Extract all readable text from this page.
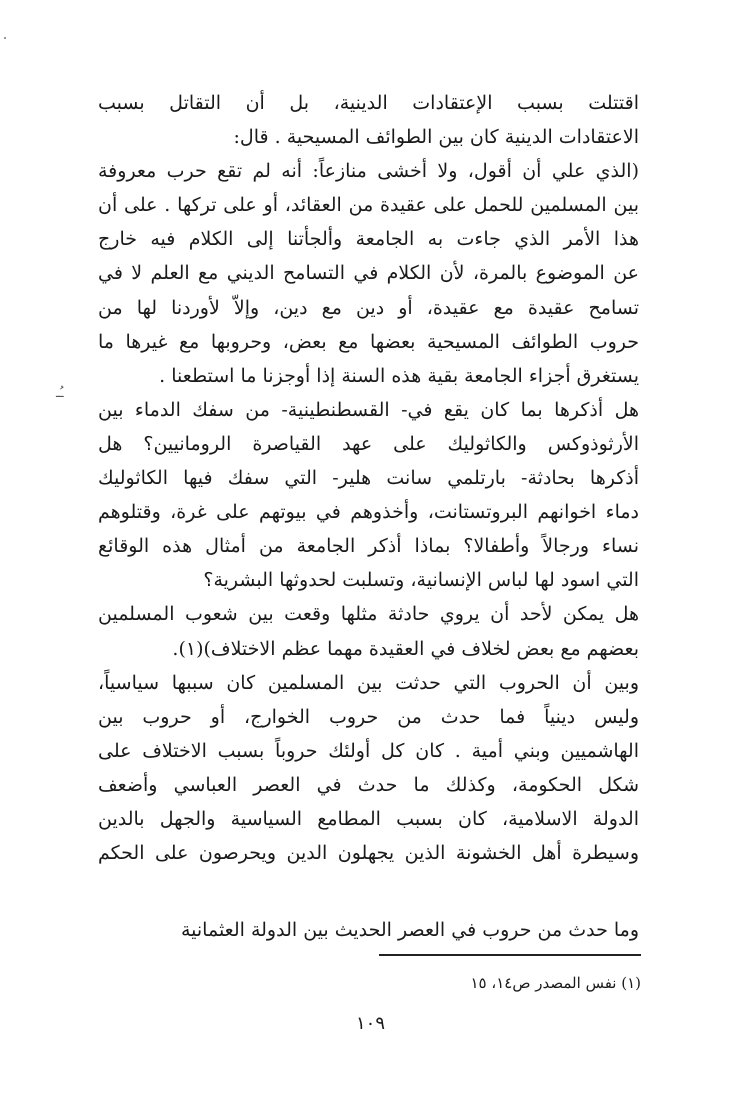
ـُـ
اقتتلت بسبب الإعتقادات الدينية، بل أن التقاتل بسبب
الاعتقادات الدينية كان بين الطوائف المسيحية . قال:
(الذي علي أن أقول، ولا أخشى منازعاً: أنه لم تقع حرب معروفة
بين المسلمين للحمل على عقيدة من العقائد، أو على تركها . على أن
هذا الأمر الذي جاءت به الجامعة وألجأتنا إلى الكلام فيه خارج
عن الموضوع بالمرة، لأن الكلام في التسامح الديني مع العلم لا في
تسامح عقيدة مع عقيدة، أو دين مع دين، وإلاّ لأوردنا لها من
حروب الطوائف المسيحية بعضها مع بعض، وحروبها مع غيرها ما
يستغرق أجزاء الجامعة بقية هذه السنة إذا أوجزنا ما استطعنا .
هل أذكرها بما كان يقع في- القسطنطينية- من سفك الدماء بين
الأرثوذوكس والكاثوليك على عهد القياصرة الرومانيين؟ هل
أذكرها بحادثة- بارتلمي سانت هلير- التي سفك فيها الكاثوليك
دماء اخوانهم البروتستانت، وأخذوهم في بيوتهم على غرة، وقتلوهم
نساء ورجالاً وأطفالا؟ بماذا أذكر الجامعة من أمثال هذه الوقائع
التي اسود لها لباس الإنسانية، وتسلبت لحدوثها البشرية؟
هل يمكن لأحد أن يروي حادثة مثلها وقعت بين شعوب المسلمين
بعضهم مع بعض لخلاف في العقيدة مهما عظم الاختلاف)(١).
وبين أن الحروب التي حدثت بين المسلمين كان سببها سياسياً،
وليس دينياً فما حدث من حروب الخوارج، أو حروب بين
الهاشميين وبني أمية . كان كل أولئك حروباً بسبب الاختلاف على
شكل الحكومة، وكذلك ما حدث في العصر العباسي وأضعف
الدولة الاسلامية، كان بسبب المطامع السياسية والجهل بالدين
وسيطرة أهل الخشونة الذين يجهلون الدين ويحرصون على الحكم
وما حدث من حروب في العصر الحديث بين الدولة العثمانية
(١) نفس المصدر ص١٤، ١٥
١٠٩
